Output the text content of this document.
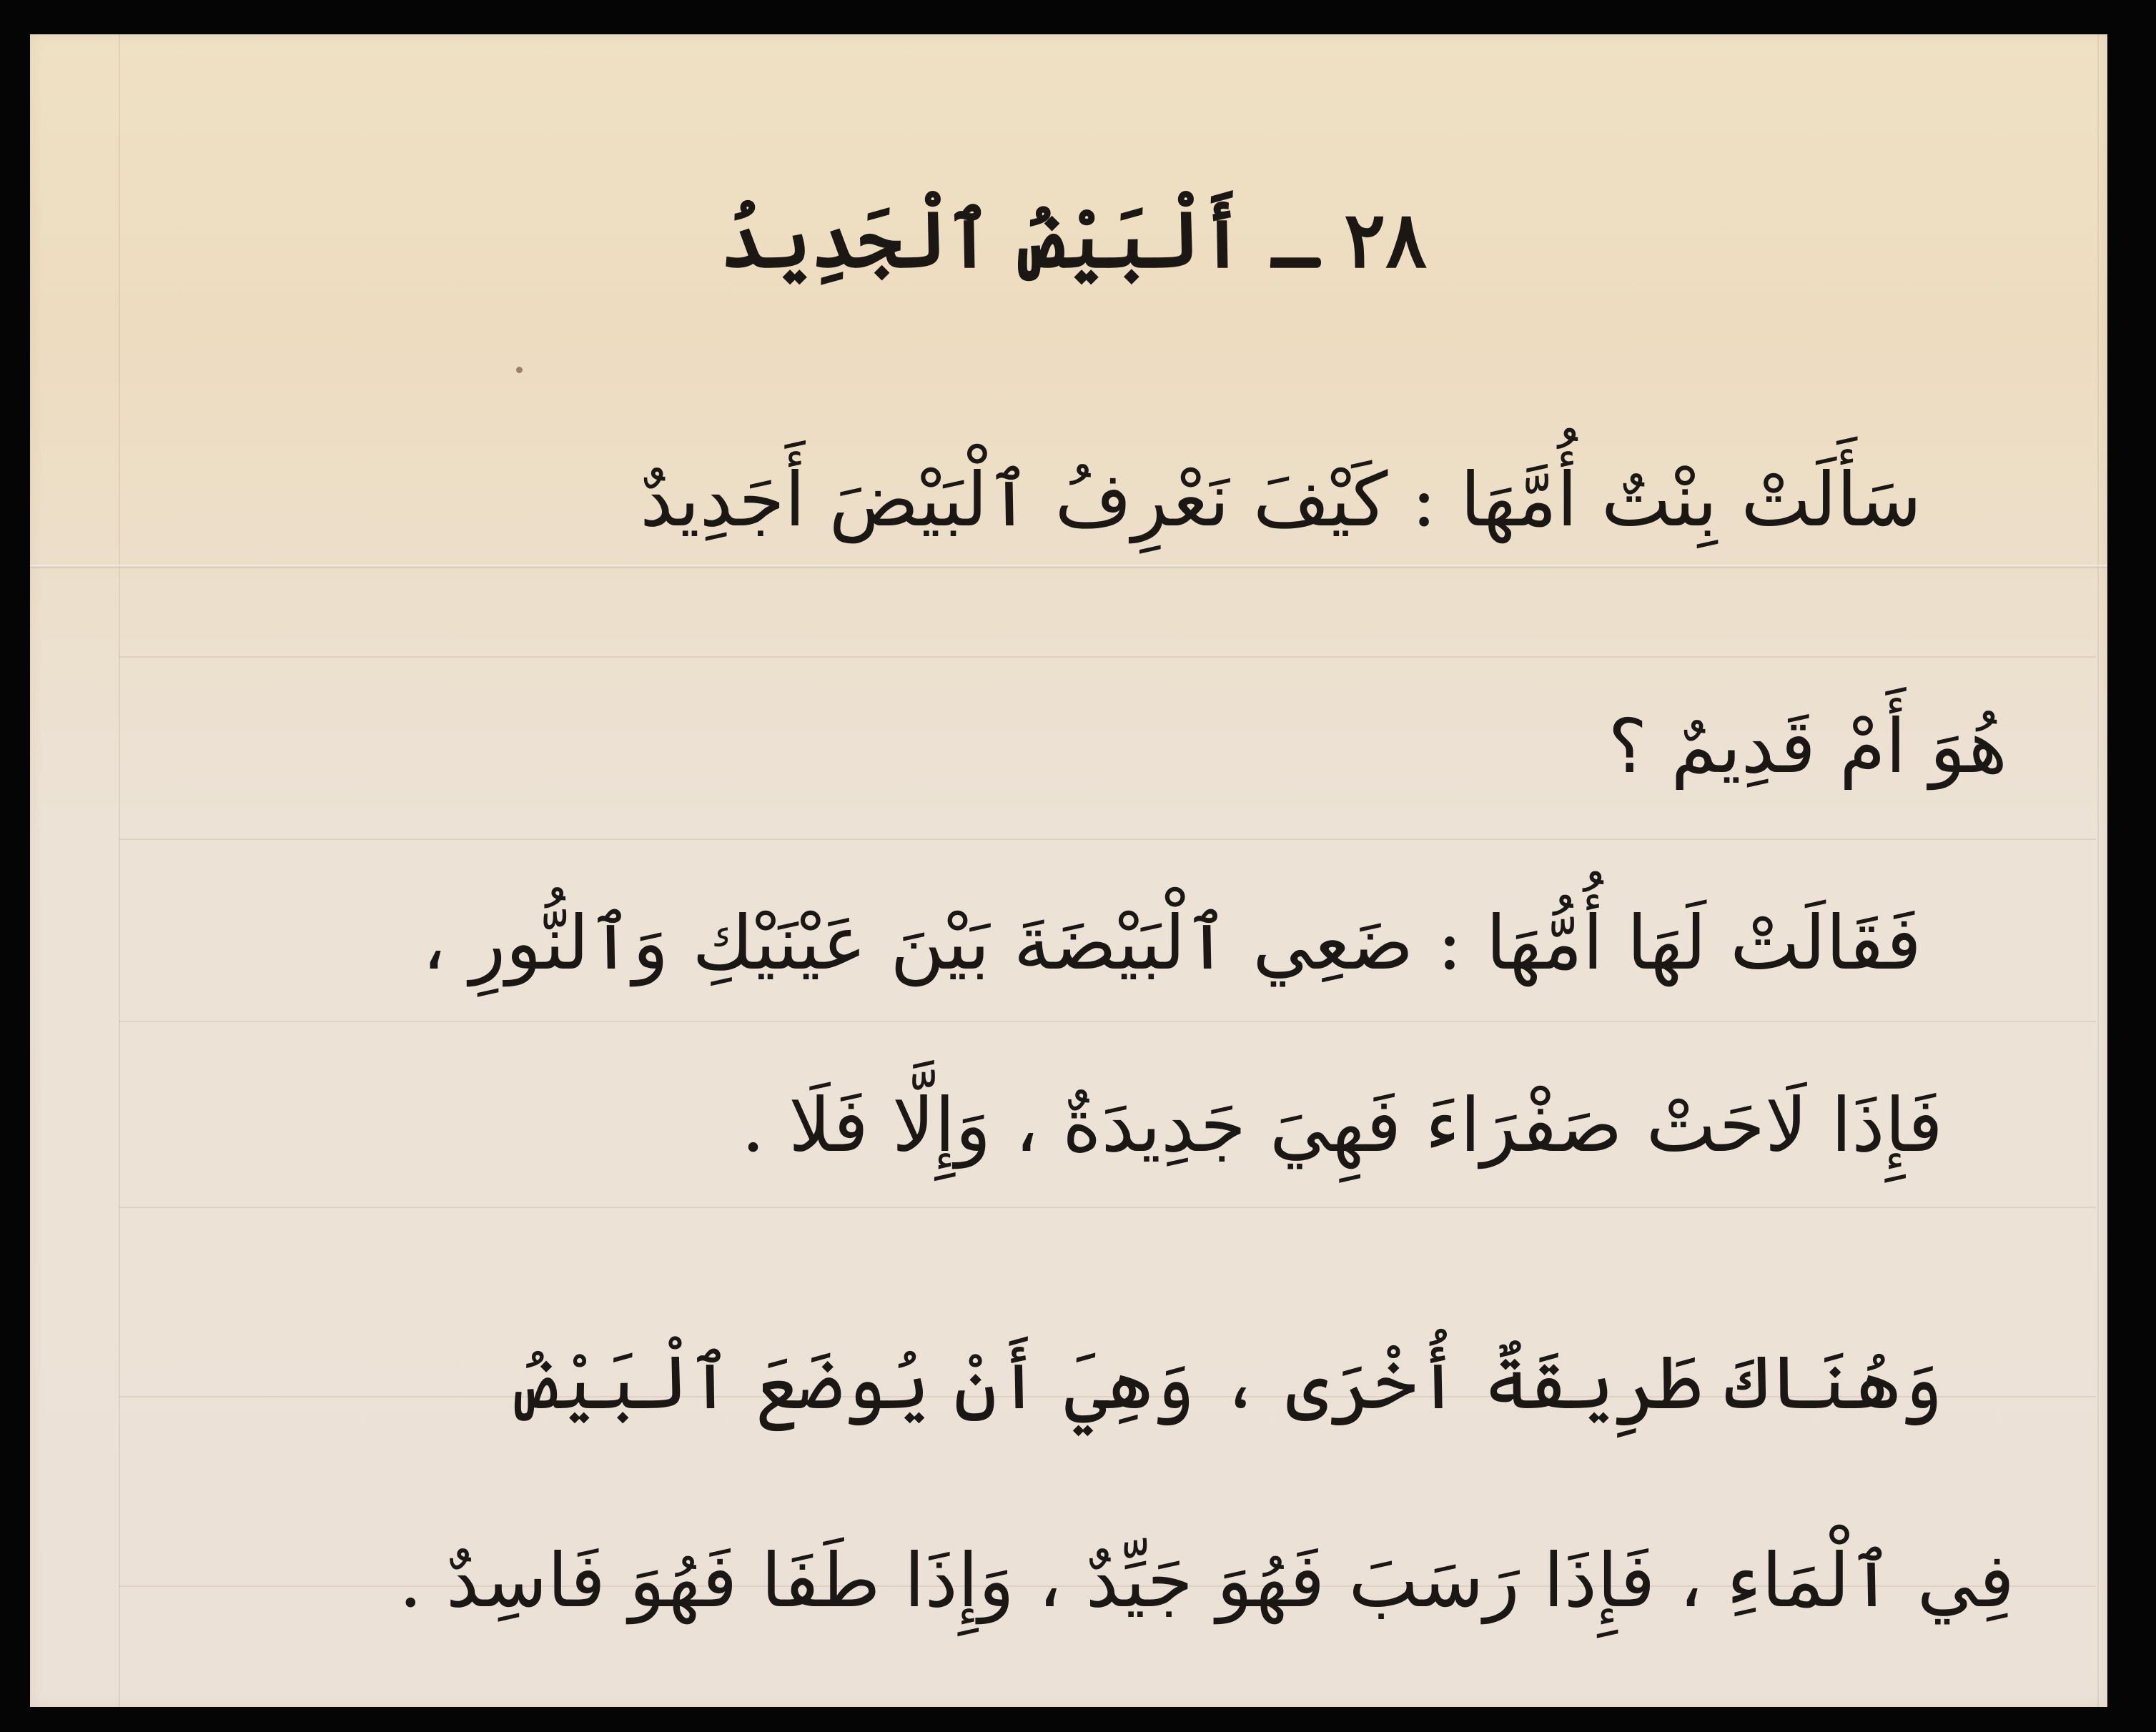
٢٨ ـ أَلْبَيْضُ ٱلْجَدِيدُ
سَأَلَتْ بِنْتٌ أُمَّهَا : كَيْفَ نَعْرِفُ ٱلْبَيْضَ أَجَدِيدٌ
هُوَ أَمْ قَدِيمٌ ؟
فَقَالَتْ لَهَا أُمُّهَا : ضَعِي ٱلْبَيْضَةَ بَيْنَ عَيْنَيْكِ وَٱلنُّورِ ،
فَإِذَا لَاحَتْ صَفْرَاءَ فَهِيَ جَدِيدَةٌ ، وَإِلَّا فَلَا .
وَهُنَاكَ طَرِيقَةٌ أُخْرَى ، وَهِيَ أَنْ يُوضَعَ ٱلْبَيْضُ
فِي ٱلْمَاءِ ، فَإِذَا رَسَبَ فَهُوَ جَيِّدٌ ، وَإِذَا طَفَا فَهُوَ فَاسِدٌ .
